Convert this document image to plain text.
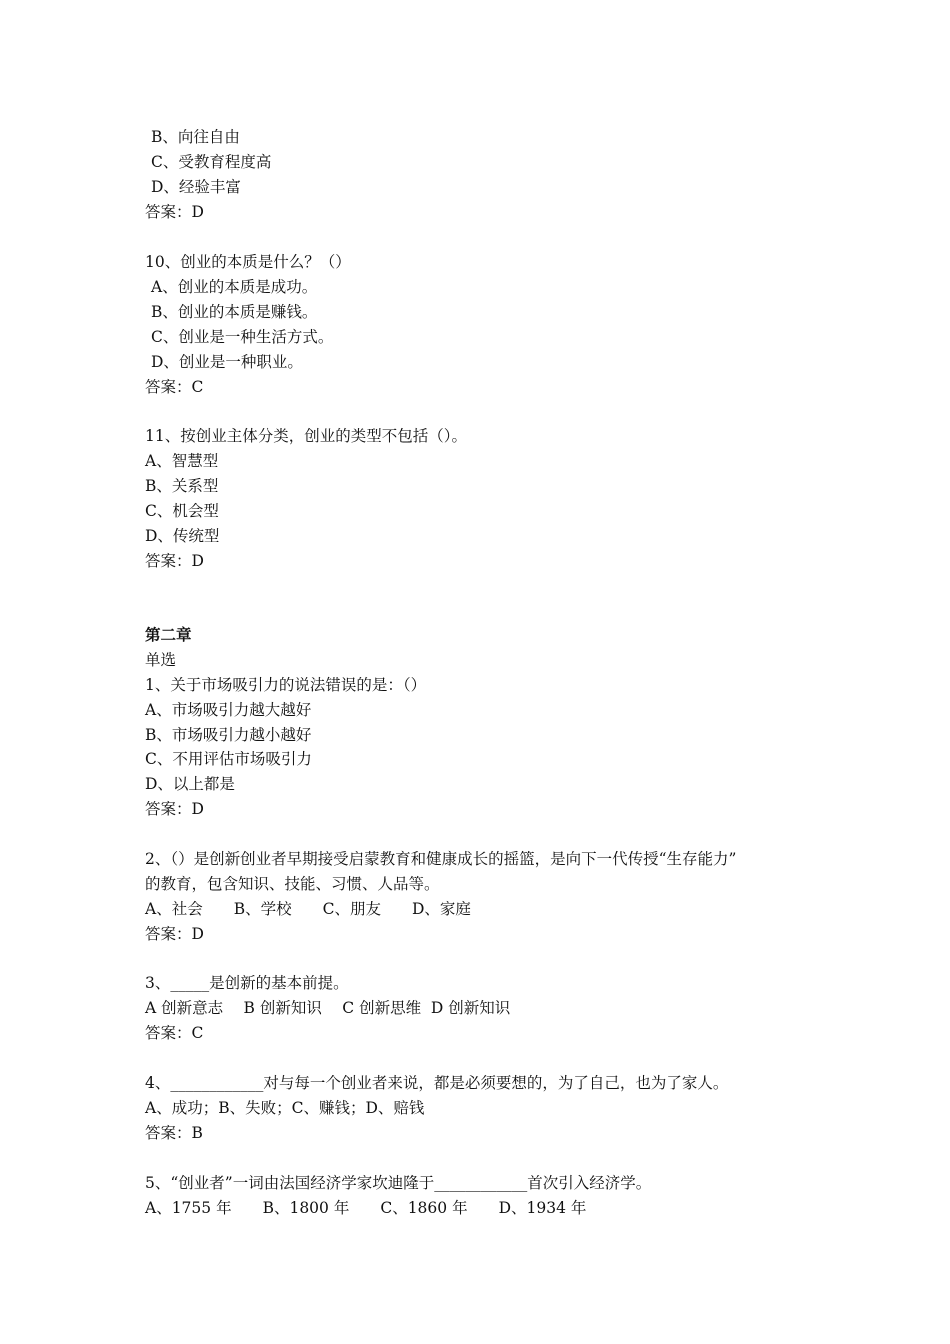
B、向往自由

C、受教育程度高

D、经验丰富

答案：D

10、创业的本质是什么？（）

A、创业的本质是成功。

B、创业的本质是赚钱。

C、创业是一种生活方式。

D、创业是一种职业。

答案：C

11、按创业主体分类，创业的类型不包括（）。

A、智慧型

B、关系型

C、机会型

D、传统型

答案：D

第二章

单选

1、关于市场吸引力的说法错误的是：（）

A、市场吸引力越大越好

B、市场吸引力越小越好

C、不用评估市场吸引力

D、以上都是

答案：D

2、（）是创新创业者早期接受启蒙教育和健康成长的摇篮，是向下一代传授“生存能力”

的教育，包含知识、技能、习惯、人品等。

A、社会　　B、学校　　C、朋友　　D、家庭

答案：D

3、_____是创新的基本前提。

A 创新意志　 B 创新知识　 C 创新思维  D 创新知识

答案：C

4、____________对与每一个创业者来说，都是必须要想的，为了自己，也为了家人。

A、成功；B、失败；C、赚钱；D、赔钱

答案：B

5、“创业者”一词由法国经济学家坎迪隆于____________首次引入经济学。

A、1755 年　　B、1800 年　　C、1860 年　　D、1934 年
